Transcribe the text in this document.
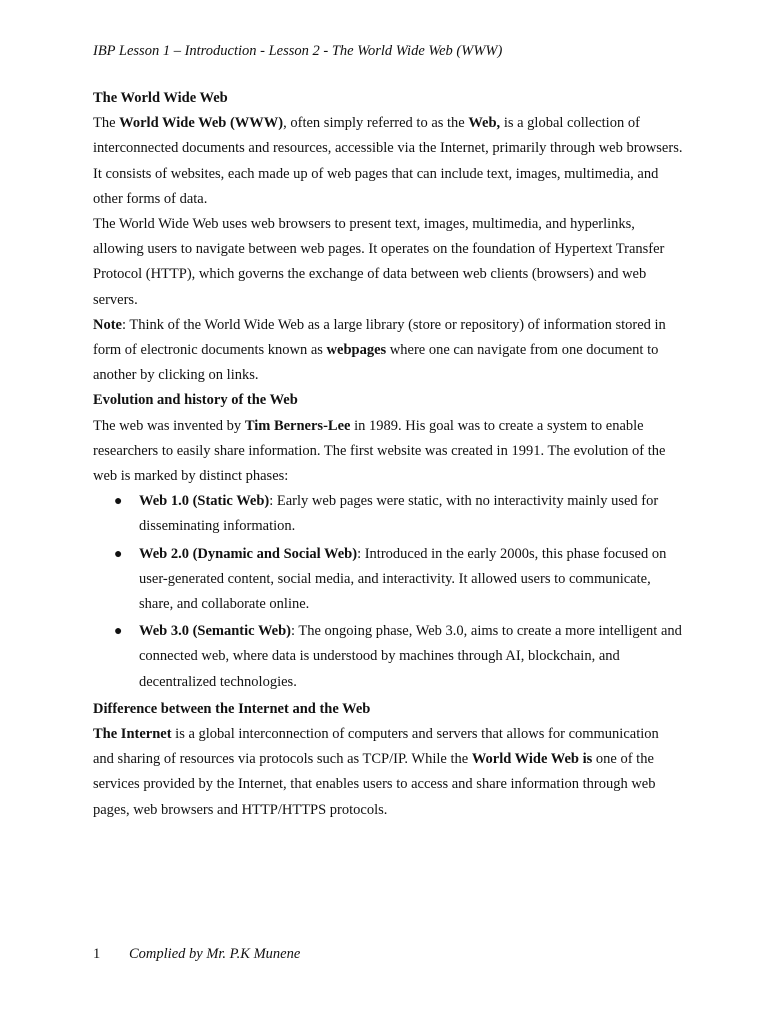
IBP Lesson 1 – Introduction - Lesson 2 - The World Wide Web (WWW)

The World Wide Web

The World Wide Web (WWW), often simply referred to as the Web, is a global collection of interconnected documents and resources, accessible via the Internet, primarily through web browsers. It consists of websites, each made up of web pages that can include text, images, multimedia, and other forms of data.

The World Wide Web uses web browsers to present text, images, multimedia, and hyperlinks, allowing users to navigate between web pages. It operates on the foundation of Hypertext Transfer Protocol (HTTP), which governs the exchange of data between web clients (browsers) and web servers.

Note: Think of the World Wide Web as a large library (store or repository) of information stored in form of electronic documents known as webpages where one can navigate from one document to another by clicking on links.

Evolution and history of the Web

The web was invented by Tim Berners-Lee in 1989. His goal was to create a system to enable researchers to easily share information. The first website was created in 1991. The evolution of the web is marked by distinct phases:

● Web 1.0 (Static Web): Early web pages were static, with no interactivity mainly used for disseminating information.
● Web 2.0 (Dynamic and Social Web): Introduced in the early 2000s, this phase focused on user-generated content, social media, and interactivity. It allowed users to communicate, share, and collaborate online.
● Web 3.0 (Semantic Web): The ongoing phase, Web 3.0, aims to create a more intelligent and connected web, where data is understood by machines through AI, blockchain, and decentralized technologies.

Difference between the Internet and the Web

The Internet is a global interconnection of computers and servers that allows for communication and sharing of resources via protocols such as TCP/IP. While the World Wide Web is one of the services provided by the Internet, that enables users to access and share information through web pages, web browsers and HTTP/HTTPS protocols.

1 Complied by Mr. P.K Munene
